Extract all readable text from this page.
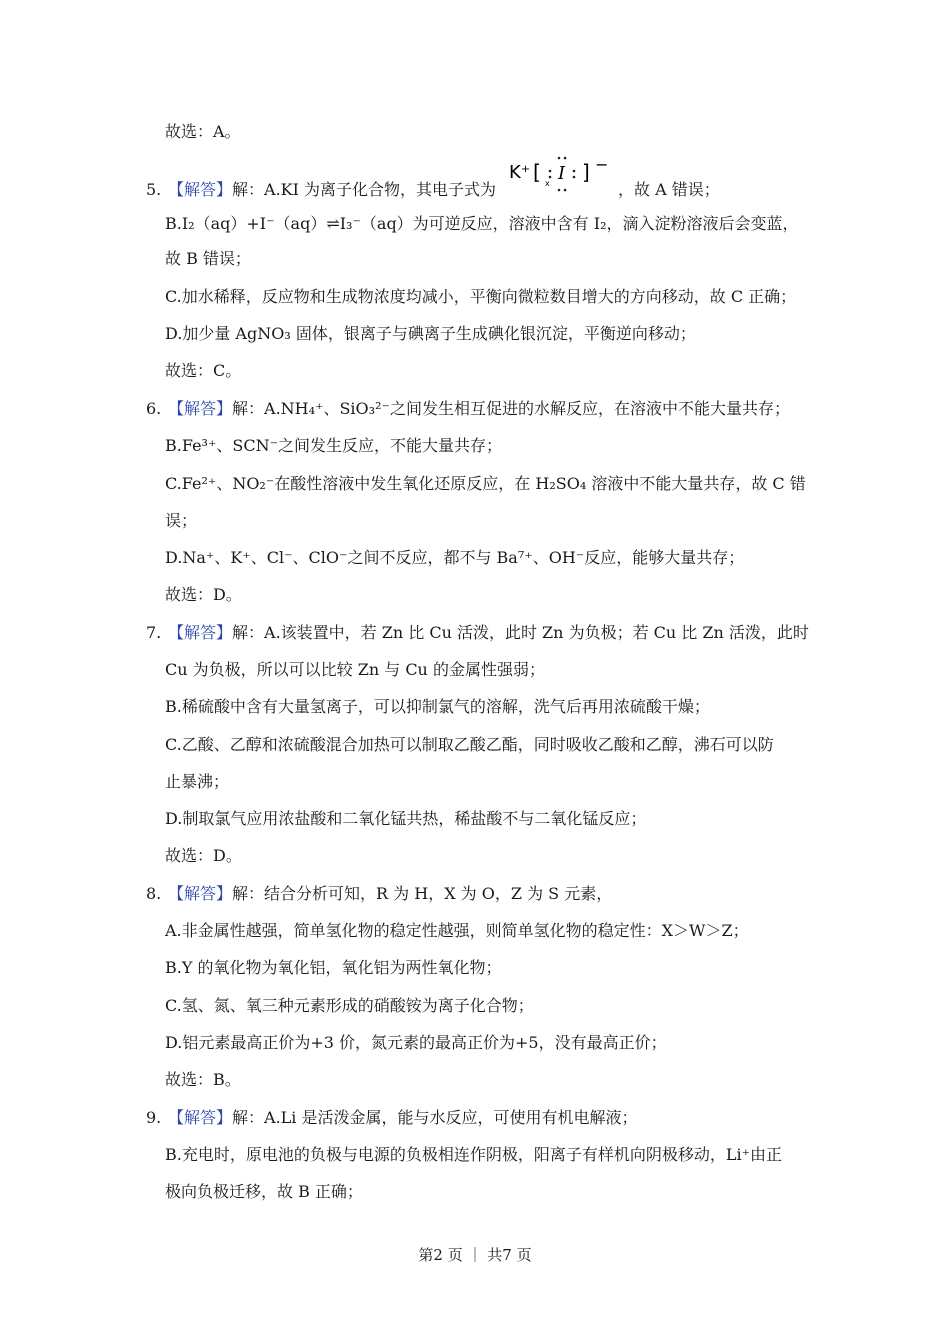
故选：A。
5. 【解答】解：A.KI 为离子化合物，其电子式为
K⁺ [ x I ] −
，故 A 错误；
B.I₂（aq）+I⁻（aq）⇌I₃⁻（aq）为可逆反应，溶液中含有 I₂，滴入淀粉溶液后会变蓝，
故 B 错误；
C.加水稀释，反应物和生成物浓度均减小，平衡向微粒数目增大的方向移动，故 C 正确；
D.加少量 AgNO₃ 固体，银离子与碘离子生成碘化银沉淀，平衡逆向移动；
故选：C。
6. 【解答】解：A.NH₄⁺、SiO₃²⁻之间发生相互促进的水解反应，在溶液中不能大量共存；
B.Fe³⁺、SCN⁻之间发生反应，不能大量共存；
C.Fe²⁺、NO₂⁻在酸性溶液中发生氧化还原反应，在 H₂SO₄ 溶液中不能大量共存，故 C 错
误；
D.Na⁺、K⁺、Cl⁻、ClO⁻之间不反应，都不与 Ba⁷⁺、OH⁻反应，能够大量共存；
故选：D。
7. 【解答】解：A.该装置中，若 Zn 比 Cu 活泼，此时 Zn 为负极；若 Cu 比 Zn 活泼，此时
Cu 为负极，所以可以比较 Zn 与 Cu 的金属性强弱；
B.稀硫酸中含有大量氢离子，可以抑制氯气的溶解，洗气后再用浓硫酸干燥；
C.乙酸、乙醇和浓硫酸混合加热可以制取乙酸乙酯，同时吸收乙酸和乙醇，沸石可以防
止暴沸；
D.制取氯气应用浓盐酸和二氧化锰共热，稀盐酸不与二氧化锰反应；
故选：D。
8. 【解答】解：结合分析可知，R 为 H，X 为 O，Z 为 S 元素，
A.非金属性越强，简单氢化物的稳定性越强，则简单氢化物的稳定性：X＞W＞Z；
B.Y 的氧化物为氧化铝，氧化铝为两性氧化物；
C.氢、氮、氧三种元素形成的硝酸铵为离子化合物；
D.铝元素最高正价为+3 价，氮元素的最高正价为+5，没有最高正价；
故选：B。
9. 【解答】解：A.Li 是活泼金属，能与水反应，可使用有机电解液；
B.充电时，原电池的负极与电源的负极相连作阴极，阳离子有样机向阴极移动，Li⁺由正
极向负极迁移，故 B 正确；
第2 页 ｜ 共7 页
